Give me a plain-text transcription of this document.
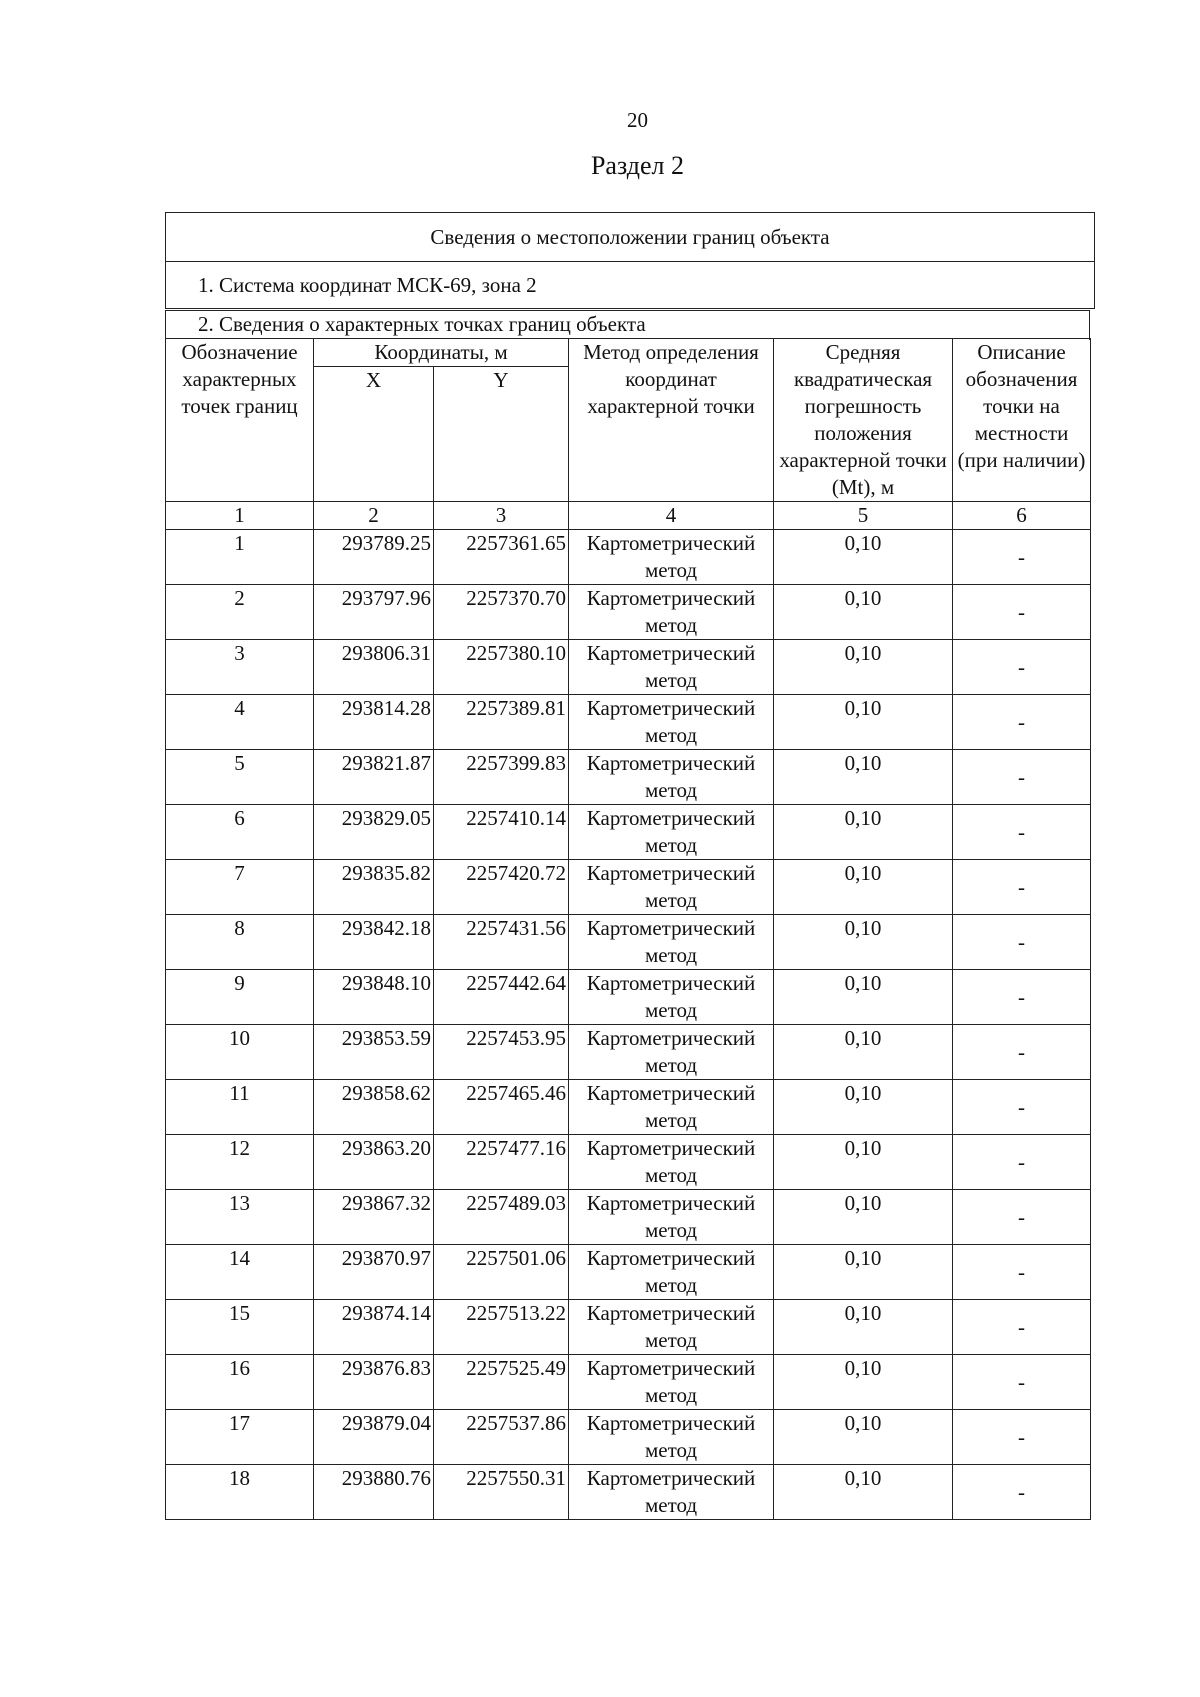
20
Раздел 2
Сведения о местоположении границ объекта
1. Система координат МСК-69, зона 2
2. Сведения о характерных точках границ объекта
Обозначение характерных точек границ	Координаты, м		Метод определения координат характерной точки	Средняя квадратическая погрешность положения характерной точки (Mt), м	Описание обозначения точки на местности (при наличии)
	X	Y			
1	2	3	4	5	6
1	293789.25	2257361.65	Картометрический метод	0,10	-
2	293797.96	2257370.70	Картометрический метод	0,10	-
3	293806.31	2257380.10	Картометрический метод	0,10	-
4	293814.28	2257389.81	Картометрический метод	0,10	-
5	293821.87	2257399.83	Картометрический метод	0,10	-
6	293829.05	2257410.14	Картометрический метод	0,10	-
7	293835.82	2257420.72	Картометрический метод	0,10	-
8	293842.18	2257431.56	Картометрический метод	0,10	-
9	293848.10	2257442.64	Картометрический метод	0,10	-
10	293853.59	2257453.95	Картометрический метод	0,10	-
11	293858.62	2257465.46	Картометрический метод	0,10	-
12	293863.20	2257477.16	Картометрический метод	0,10	-
13	293867.32	2257489.03	Картометрический метод	0,10	-
14	293870.97	2257501.06	Картометрический метод	0,10	-
15	293874.14	2257513.22	Картометрический метод	0,10	-
16	293876.83	2257525.49	Картометрический метод	0,10	-
17	293879.04	2257537.86	Картометрический метод	0,10	-
18	293880.76	2257550.31	Картометрический метод	0,10	-
